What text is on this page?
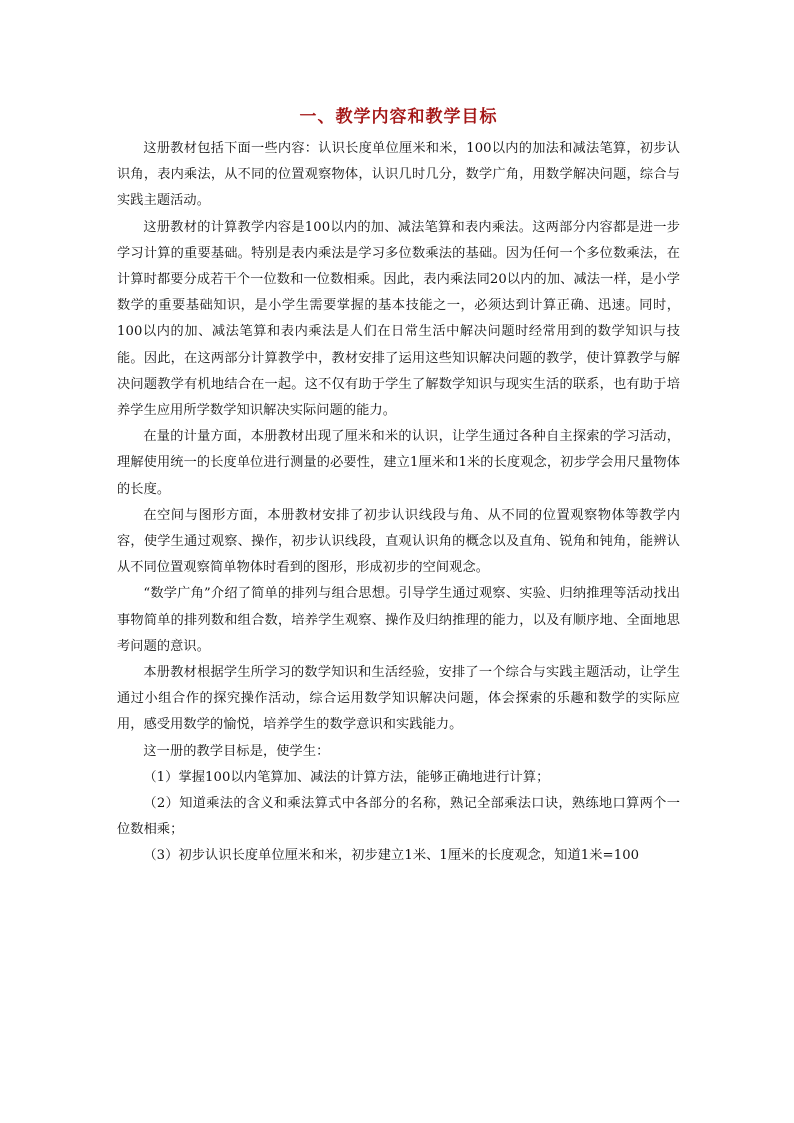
一、教学内容和教学目标

这册教材包括下面一些内容：认识长度单位厘米和米，100以内的加法和减法笔算，初步认识角，表内乘法，从不同的位置观察物体，认识几时几分，数学广角，用数学解决问题，综合与实践主题活动。

这册教材的计算教学内容是100以内的加、减法笔算和表内乘法。这两部分内容都是进一步学习计算的重要基础。特别是表内乘法是学习多位数乘法的基础。因为任何一个多位数乘法，在计算时都要分成若干个一位数和一位数相乘。因此，表内乘法同20以内的加、减法一样，是小学数学的重要基础知识，是小学生需要掌握的基本技能之一，必须达到计算正确、迅速。同时，100以内的加、减法笔算和表内乘法是人们在日常生活中解决问题时经常用到的数学知识与技能。因此，在这两部分计算教学中，教材安排了运用这些知识解决问题的教学，使计算教学与解决问题教学有机地结合在一起。这不仅有助于学生了解数学知识与现实生活的联系，也有助于培养学生应用所学数学知识解决实际问题的能力。

在量的计量方面，本册教材出现了厘米和米的认识，让学生通过各种自主探索的学习活动，理解使用统一的长度单位进行测量的必要性，建立1厘米和1米的长度观念，初步学会用尺量物体的长度。

在空间与图形方面，本册教材安排了初步认识线段与角、从不同的位置观察物体等教学内容，使学生通过观察、操作，初步认识线段，直观认识角的概念以及直角、锐角和钝角，能辨认从不同位置观察简单物体时看到的图形，形成初步的空间观念。

“数学广角”介绍了简单的排列与组合思想。引导学生通过观察、实验、归纳推理等活动找出事物简单的排列数和组合数，培养学生观察、操作及归纳推理的能力，以及有顺序地、全面地思考问题的意识。

本册教材根据学生所学习的数学知识和生活经验，安排了一个综合与实践主题活动，让学生通过小组合作的探究操作活动，综合运用数学知识解决问题，体会探索的乐趣和数学的实际应用，感受用数学的愉悦，培养学生的数学意识和实践能力。

这一册的教学目标是，使学生：

（1）掌握100以内笔算加、减法的计算方法，能够正确地进行计算；

（2）知道乘法的含义和乘法算式中各部分的名称，熟记全部乘法口诀，熟练地口算两个一位数相乘；

（3）初步认识长度单位厘米和米，初步建立1米、1厘米的长度观念，知道1米=100
